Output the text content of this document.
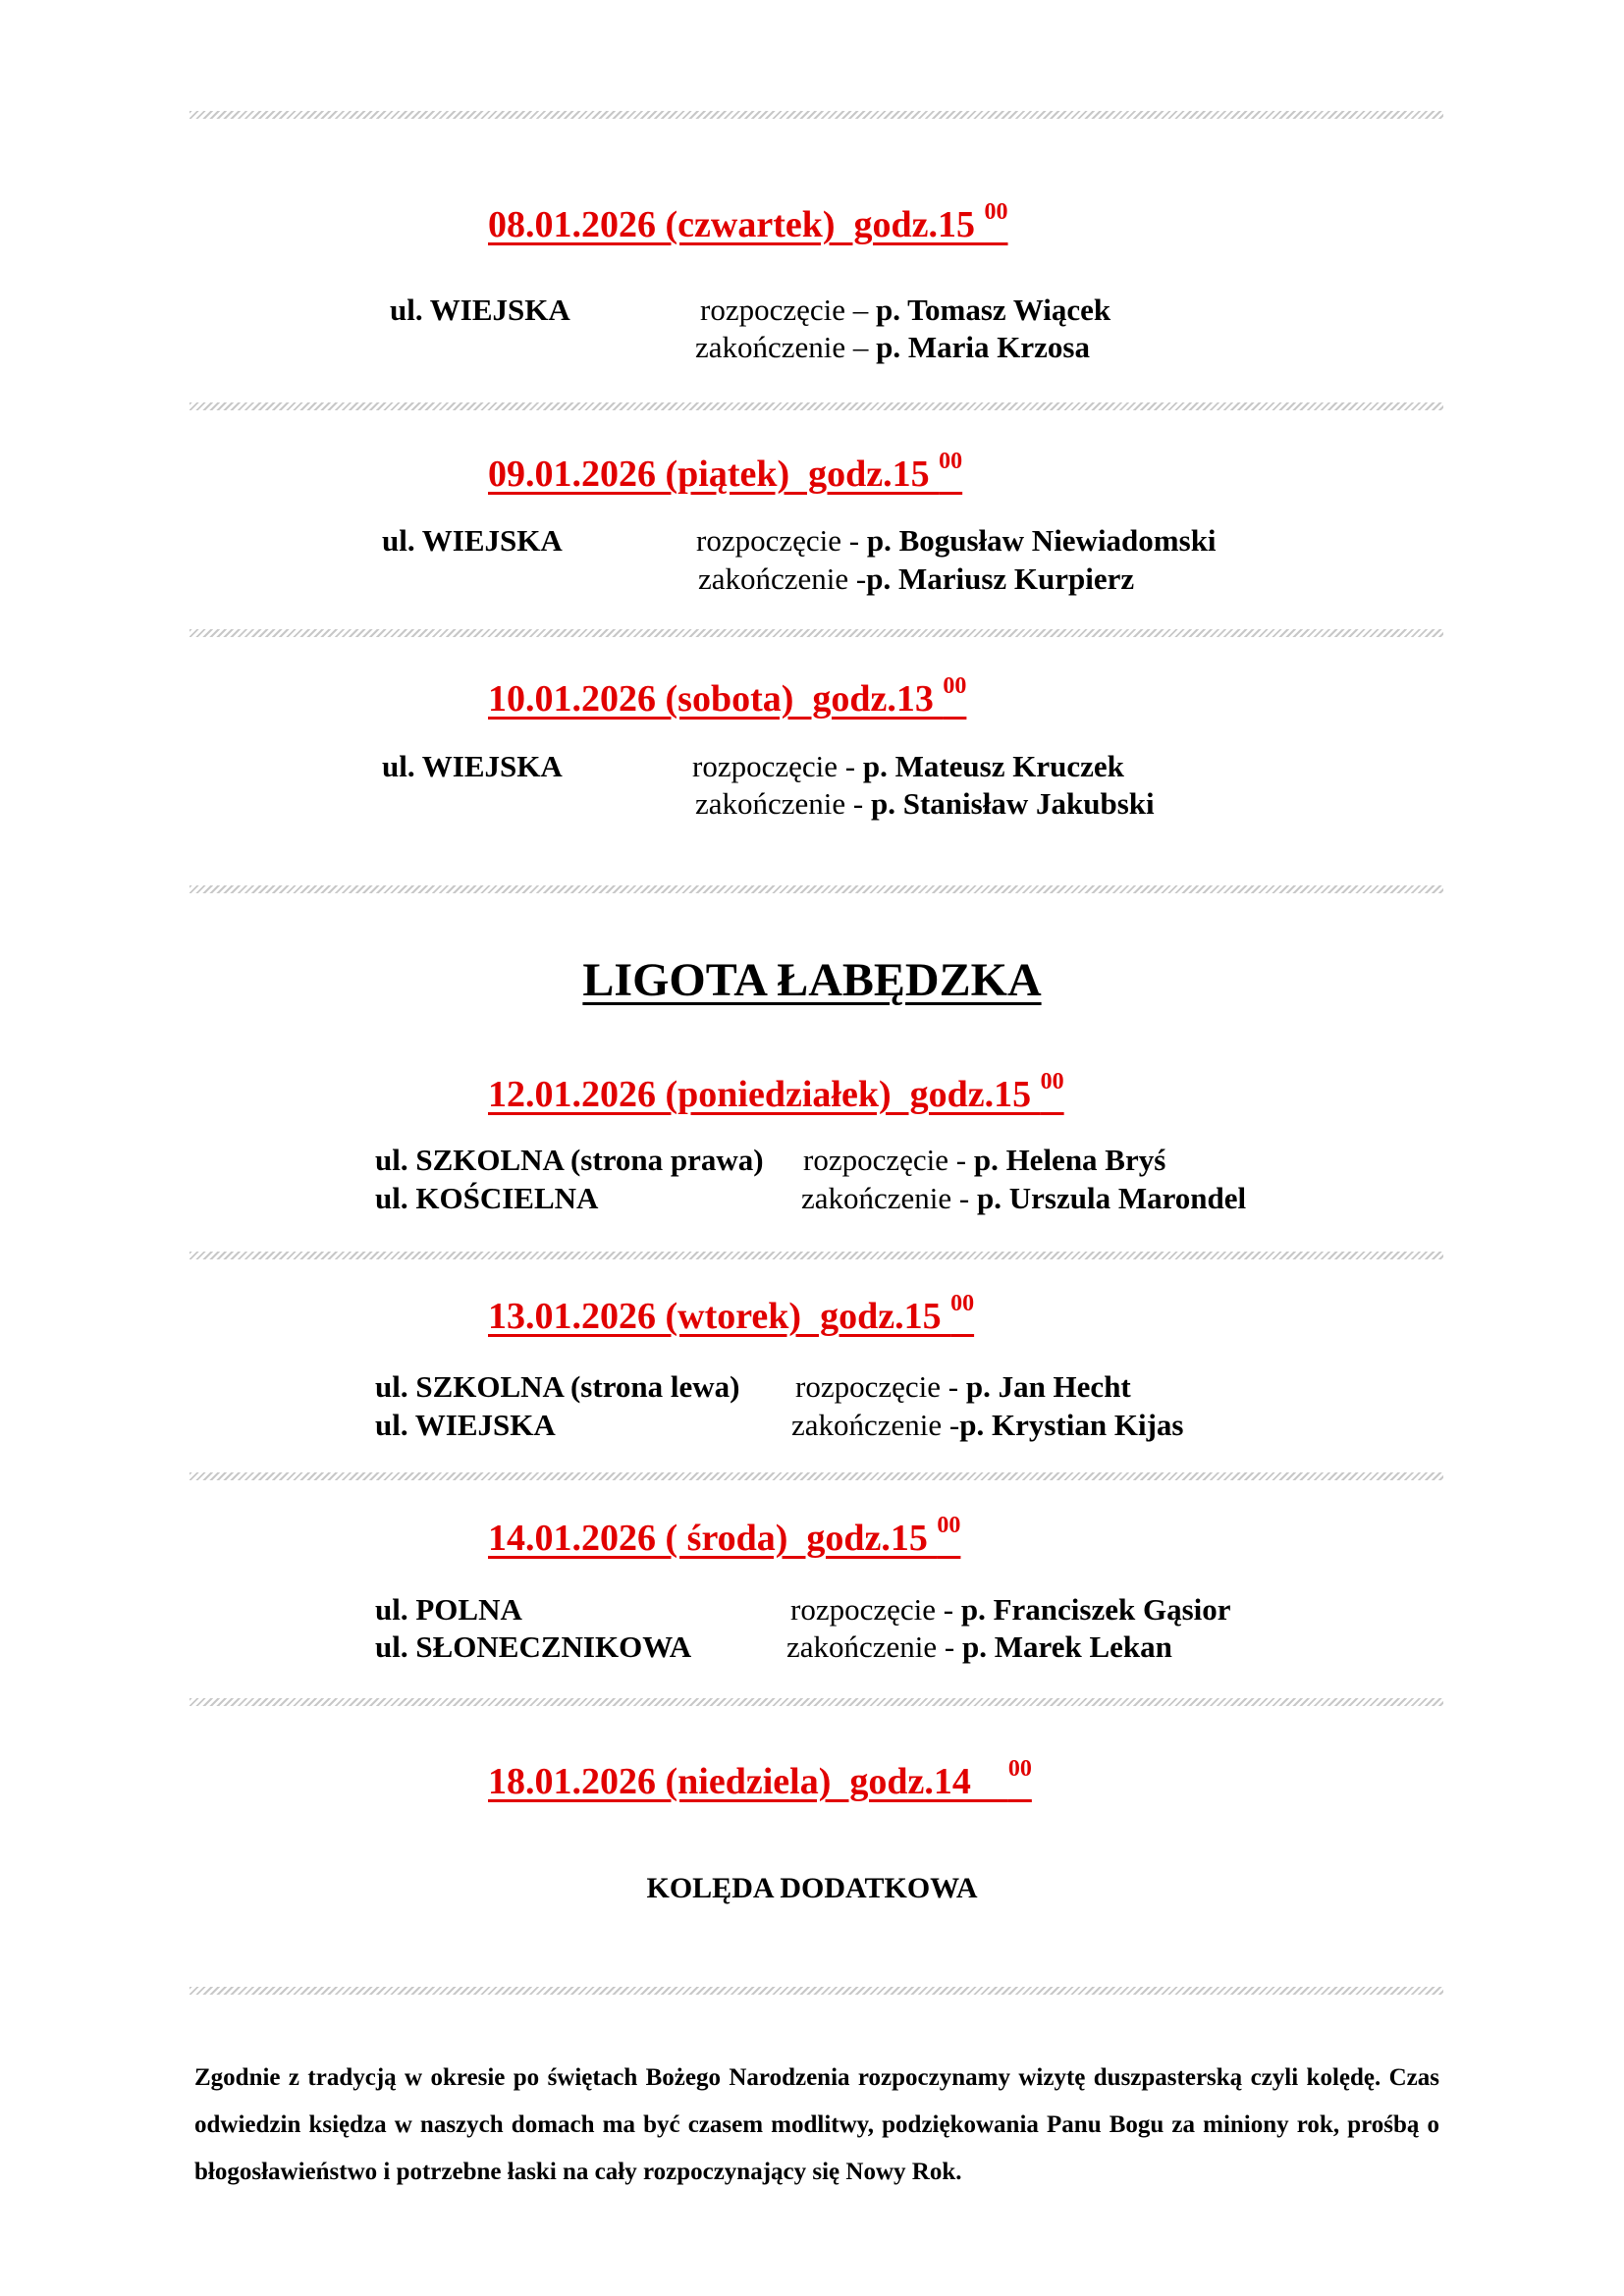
08.01.2026 (czwartek)  godz.15 $^{00}$
ul. WIEJSKA	rozpoczęcie – p. Tomasz Wiącek
zakończenie – p. Maria Krzosa
09.01.2026 (piątek)  godz.15 $^{00}$
ul. WIEJSKA	rozpoczęcie - p. Bogusław Niewiadomski
zakończenie -p. Mariusz Kurpierz
10.01.2026 (sobota)  godz.13 $^{00}$
ul. WIEJSKA	rozpoczęcie - p. Mateusz Kruczek
zakończenie - p. Stanisław Jakubski
LIGOTA ŁABĘDZKA
12.01.2026 (poniedziałek)  godz.15 $^{00}$
ul. SZKOLNA (strona prawa) rozpoczęcie - p. Helena Bryś
ul. KOŚCIELNA	zakończenie - p. Urszula Marondel
13.01.2026 (wtorek)  godz.15 $^{00}$
ul. SZKOLNA (strona lewa) rozpoczęcie - p. Jan Hecht
ul. WIEJSKA	zakończenie -p. Krystian Kijas
14.01.2026 ( środa)  godz.15 $^{00}$
ul. POLNA	rozpoczęcie - p. Franciszek Gąsior
ul. SŁONECZNIKOWA	zakończenie - p. Marek Lekan
18.01.2026 (niedziela)  godz.14    $^{00}$
KOLĘDA DODATKOWA
Zgodnie z tradycją w okresie po świętach Bożego Narodzenia rozpoczynamy wizytę duszpasterską czyli kolędę. Czas odwiedzin księdza w naszych domach ma być czasem modlitwy, podziękowania Panu Bogu za miniony rok, prośbą o błogosławieństwo i potrzebne łaski na cały rozpoczynający się Nowy Rok.
